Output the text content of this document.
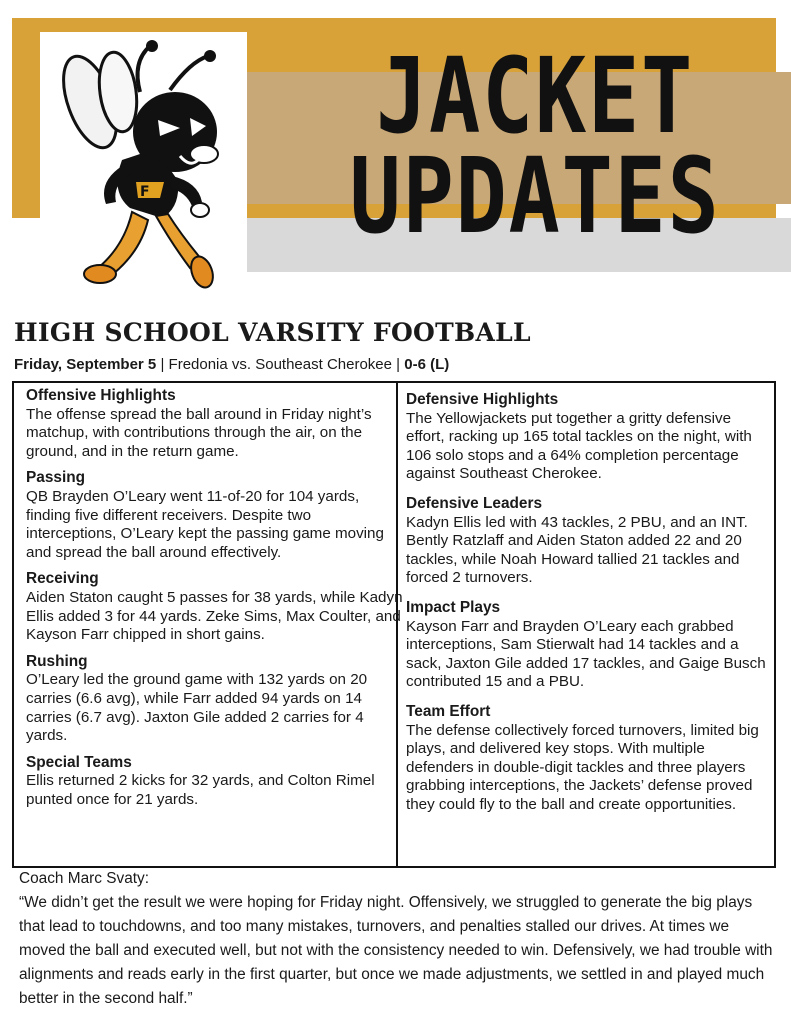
F
JACKET
UPDATES
HIGH SCHOOL VARSITY FOOTBALL
Friday, September 5 | Fredonia vs. Southeast Cherokee | 0-6 (L)
Offensive Highlights
The offense spread the ball around in Friday night’s matchup, with contributions through the air, on the ground, and in the return game.
Passing
QB Brayden O’Leary went 11-of-20 for 104 yards, finding five different receivers. Despite two interceptions, O’Leary kept the passing game moving and spread the ball around effectively.
Receiving
Aiden Staton caught 5 passes for 38 yards, while Kadyn Ellis added 3 for 44 yards. Zeke Sims, Max Coulter, and Kayson Farr chipped in short gains.
Rushing
O’Leary led the ground game with 132 yards on 20 carries (6.6 avg), while Farr added 94 yards on 14 carries (6.7 avg). Jaxton Gile added 2 carries for 4 yards.
Special Teams
Ellis returned 2 kicks for 32 yards, and Colton Rimel punted once for 21 yards.
Defensive Highlights
The Yellowjackets put together a gritty defensive effort, racking up 165 total tackles on the night, with 106 solo stops and a 64% completion percentage against Southeast Cherokee.
Defensive Leaders
Kadyn Ellis led with 43 tackles, 2 PBU, and an INT. Bently Ratzlaff and Aiden Staton added 22 and 20 tackles, while Noah Howard tallied 21 tackles and forced 2 turnovers.
Impact Plays
Kayson Farr and Brayden O’Leary each grabbed interceptions, Sam Stierwalt had 14 tackles and a sack, Jaxton Gile added 17 tackles, and Gaige Busch contributed 15 and a PBU.
Team Effort
The defense collectively forced turnovers, limited big plays, and delivered key stops. With multiple defenders in double-digit tackles and three players grabbing interceptions, the Jackets’ defense proved they could fly to the ball and create opportunities.
Coach Marc Svaty:
“We didn’t get the result we were hoping for Friday night. Offensively, we struggled to generate the big plays that lead to touchdowns, and too many mistakes, turnovers, and penalties stalled our drives. At times we moved the ball and executed well, but not with the consistency needed to win. Defensively, we had trouble with alignments and reads early in the first quarter, but once we made adjustments, we settled in and played much better in the second half.”
